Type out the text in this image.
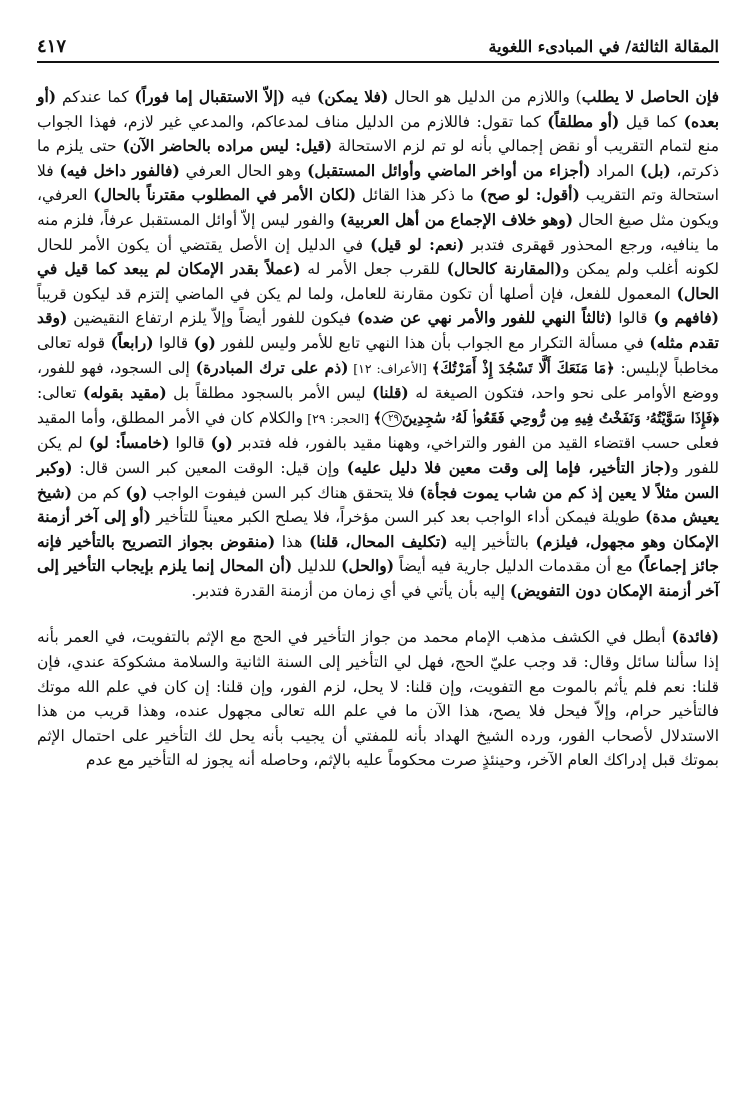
المقالة الثالثة/ في المبادىء اللغوية
٤١٧

فإن الحاصل لا يطلب) واللازم من الدليل هو الحال (فلا يمكن) فيه (إلاّ الاستقبال إما فوراً) كما عندكم (أو بعده) كما قيل (أو مطلقاً) كما تقول: فاللازم من الدليل مناف لمدعاكم، والمدعي غير لازم، فهذا الجواب منع لتمام التقريب أو نقض إجمالي بأنه لو تم لزم الاستحالة (قيل: ليس مراده بالحاضر الآن) حتى يلزم ما ذكرتم، (بل) المراد (أجزاء من أواخر الماضي وأوائل المستقبل) وهو الحال العرفي (فالفور داخل فيه) فلا استحالة وتم التقريب (أقول: لو صح) ما ذكر هذا القائل (لكان الأمر في المطلوب مقترناً بالحال) العرفي، ويكون مثل صيغ الحال (وهو خلاف الإجماع من أهل العربية) والفور ليس إلاّ أوائل المستقبل عرفاً، فلزم منه ما ينافيه، ورجع المحذور قهقرى فتدبر (نعم: لو قيل) في الدليل إن الأصل يقتضي أن يكون الأمر للحال لكونه أغلب ولم يمكن و(المقارنة كالحال) للقرب جعل الأمر له (عملاً بقدر الإمكان لم يبعد كما قيل في الحال) المعمول للفعل، فإن أصلها أن تكون مقارنة للعامل، ولما لم يكن في الماضي إلتزم قد ليكون قريباً (فافهم و) قالوا (ثالثاً النهي للفور والأمر نهي عن ضده) فيكون للفور أيضاً وإلاّ يلزم ارتفاع النقيضين (وقد تقدم مثله) في مسألة التكرار مع الجواب بأن هذا النهي تابع للأمر وليس للفور (و) قالوا (رابعاً) قوله تعالى مخاطباً لإبليس: ﴿مَا مَنَعَكَ أَلَّا تَسْجُدَ إِذْ أَمَرْتُكَ﴾ [الأعراف: ١٢] (ذم على ترك المبادرة) إلى السجود، فهو للفور، ووضع الأوامر على نحو واحد، فتكون الصيغة له (قلنا) ليس الأمر بالسجود مطلقاً بل (مقيد بقوله) تعالى: ﴿فَإِذَا سَوَّيْتُهُۥ وَنَفَخْتُ فِيهِ مِن رُّوحِي فَقَعُوا۟ لَهُۥ سَٰجِدِينَ٢٩﴾ [الحجر: ٢٩] والكلام كان في الأمر المطلق، وأما المقيد فعلى حسب اقتضاء القيد من الفور والتراخي، وههنا مقيد بالفور، فله فتدبر (و) قالوا (خامساً: لو) لم يكن للفور و(جاز التأخير، فإما إلى وقت معين فلا دليل عليه) وإن قيل: الوقت المعين كبر السن قال: (وكبر السن مثلاً لا يعين إذ كم من شاب يموت فجأة) فلا يتحقق هناك كبر السن فيفوت الواجب (و) كم من (شيخ يعيش مدة) طويلة فيمكن أداء الواجب بعد كبر السن مؤخراً، فلا يصلح الكبر معيناً للتأخير (أو إلى آخر أزمنة الإمكان وهو مجهول، فيلزم) بالتأخير إليه (تكليف المحال، قلنا) هذا (منقوض بجواز التصريح بالتأخير فإنه جائز إجماعاً) مع أن مقدمات الدليل جارية فيه أيضاً (والحل) للدليل (أن المحال إنما يلزم بإيجاب التأخير إلى آخر أزمنة الإمكان دون التفويض) إليه بأن يأتي في أي زمان من أزمنة القدرة فتدبر.

(فائدة) أبطل في الكشف مذهب الإمام محمد من جواز التأخير في الحج مع الإثم بالتفويت، في العمر بأنه إذا سألنا سائل وقال: قد وجب عليّ الحج، فهل لي التأخير إلى السنة الثانية والسلامة مشكوكة عندي، فإن قلنا: نعم فلم يأثم بالموت مع التفويت، وإن قلنا: لا يحل، لزم الفور، وإن قلنا: إن كان في علم الله موتك فالتأخير حرام، وإلاّ فيحل فلا يصح، هذا الآن ما في علم الله تعالى مجهول عنده، وهذا قريب من هذا الاستدلال لأصحاب الفور، ورده الشيخ الهداد بأنه للمفتي أن يجيب بأنه يحل لك التأخير على احتمال الإثم بموتك قبل إدراكك العام الآخر، وحينئذٍ صرت محكوماً عليه بالإثم، وحاصله أنه يجوز له التأخير مع عدم
